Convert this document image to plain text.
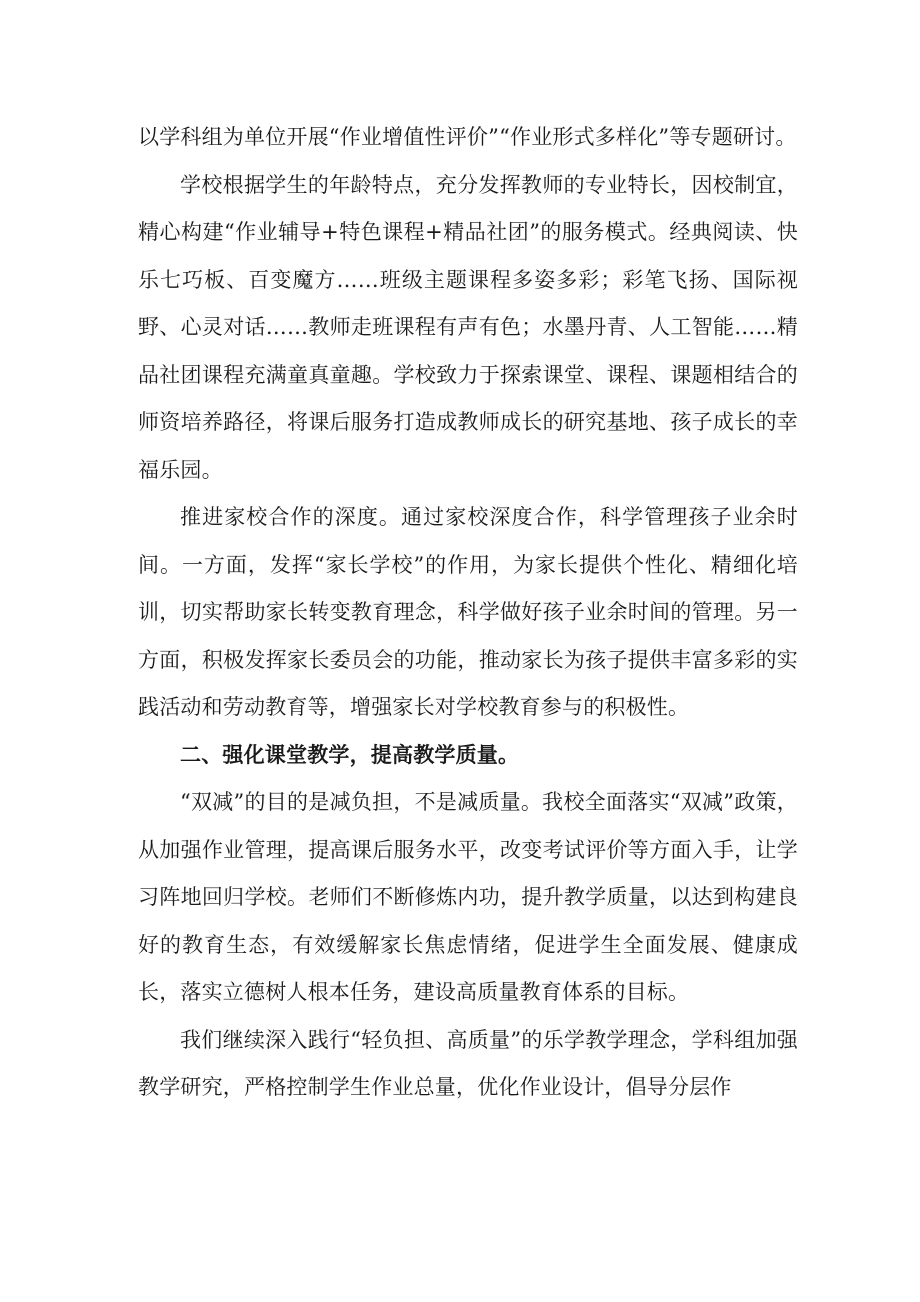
以学科组为单位开展“作业增值性评价”“作业形式多样化”等专题研讨。

学校根据学生的年龄特点，充分发挥教师的专业特长，因校制宜，精心构建“作业辅导+特色课程+精品社团”的服务模式。经典阅读、快乐七巧板、百变魔方……班级主题课程多姿多彩；彩笔飞扬、国际视野、心灵对话……教师走班课程有声有色；水墨丹青、人工智能……精品社团课程充满童真童趣。学校致力于探索课堂、课程、课题相结合的师资培养路径，将课后服务打造成教师成长的研究基地、孩子成长的幸福乐园。

推进家校合作的深度。通过家校深度合作，科学管理孩子业余时间。一方面，发挥“家长学校”的作用，为家长提供个性化、精细化培训，切实帮助家长转变教育理念，科学做好孩子业余时间的管理。另一方面，积极发挥家长委员会的功能，推动家长为孩子提供丰富多彩的实践活动和劳动教育等，增强家长对学校教育参与的积极性。

二、强化课堂教学，提高教学质量。

“双减”的目的是减负担，不是减质量。我校全面落实“双减”政策，从加强作业管理，提高课后服务水平，改变考试评价等方面入手，让学习阵地回归学校。老师们不断修炼内功，提升教学质量，以达到构建良好的教育生态，有效缓解家长焦虑情绪，促进学生全面发展、健康成长，落实立德树人根本任务，建设高质量教育体系的目标。

我们继续深入践行“轻负担、高质量”的乐学教学理念，学科组加强教学研究，严格控制学生作业总量，优化作业设计，倡导分层作
